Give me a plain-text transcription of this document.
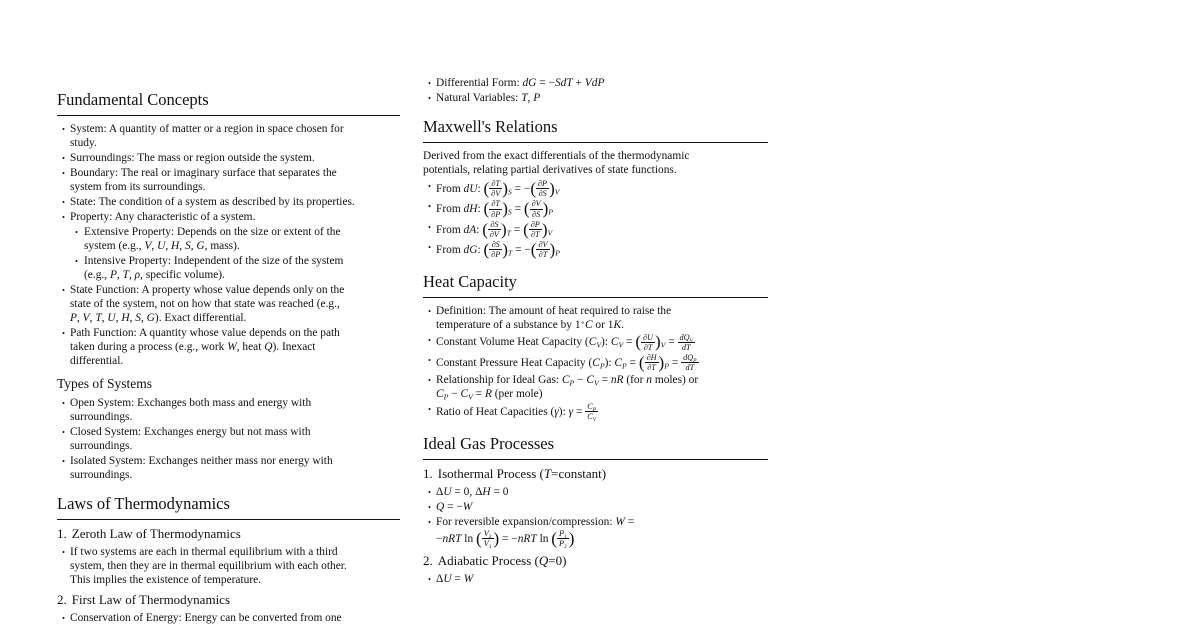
Fundamental Concepts
• System: A quantity of matter or a region in space chosen for
study.
• Surroundings: The mass or region outside the system.
• Boundary: The real or imaginary surface that separates the
system from its surroundings.
• State: The condition of a system as described by its properties.
• Property: Any characteristic of a system.
• Extensive Property: Depends on the size or extent of the
system (e.g., V, U, H, S, G, mass).
• Intensive Property: Independent of the size of the system
(e.g., P, T, ρ, specific volume).
• State Function: A property whose value depends only on the
state of the system, not on how that state was reached (e.g.,
P, V, T, U, H, S, G). Exact differential.
• Path Function: A quantity whose value depends on the path
taken during a process (e.g., work W, heat Q). Inexact
differential.
Types of Systems
• Open System: Exchanges both mass and energy with
surroundings.
• Closed System: Exchanges energy but not mass with
surroundings.
• Isolated System: Exchanges neither mass nor energy with
surroundings.
Laws of Thermodynamics
1. Zeroth Law of Thermodynamics
• If two systems are each in thermal equilibrium with a third
system, then they are in thermal equilibrium with each other.
This implies the existence of temperature.
2. First Law of Thermodynamics
• Conservation of Energy: Energy can be converted from one
• Differential Form: dG = −SdT + VdP
• Natural Variables: T, P
Maxwell's Relations
Derived from the exact differentials of the thermodynamic
potentials, relating partial derivatives of state functions.
• From dU: ( $\frac{\partial T}{\partial V} )_S$ = −( $\frac{\partial P}{\partial S} )_V$
• From dH: ( $\frac{\partial T}{\partial P} )_S$ = ( $\frac{\partial V}{\partial S} )_P$
• From dA: ( $\frac{\partial S}{\partial V} )_T$ = ( $\frac{\partial P}{\partial T} )_V$
• From dG: ( $\frac{\partial S}{\partial P} )_T$ = −( $\frac{\partial V}{\partial T} )_P$
Heat Capacity
• Definition: The amount of heat required to raise the
temperature of a substance by 1∘C or 1K.
• Constant Volume Heat Capacity $(C_V)$: $C_V$ = ( $\frac{\partial U}{\partial T} )_V = \frac{dQ_V}{dT}$
• Constant Pressure Heat Capacity $(C_P)$: $C_P$ = ( $\frac{\partial H}{\partial T} )_P = \frac{dQ_P}{dT}$
• Relationship for Ideal Gas: $C_P - C_V$ = nR (for n moles) or
$C_P - C_V = R$ (per mole)
• Ratio of Heat Capacities (γ): $\gamma = \frac{C_P}{C_V}$
Ideal Gas Processes
1. Isothermal Process (T=constant)
• ΔU = 0, ΔH = 0
• Q = −W
• For reversible expansion/compression: W =
−nRT ln ( $\frac{V_2}{V_1}$ ) = −nRT ln ( $\frac{P_1}{P_2}$ )
2. Adiabatic Process (Q=0)
• ΔU = W
